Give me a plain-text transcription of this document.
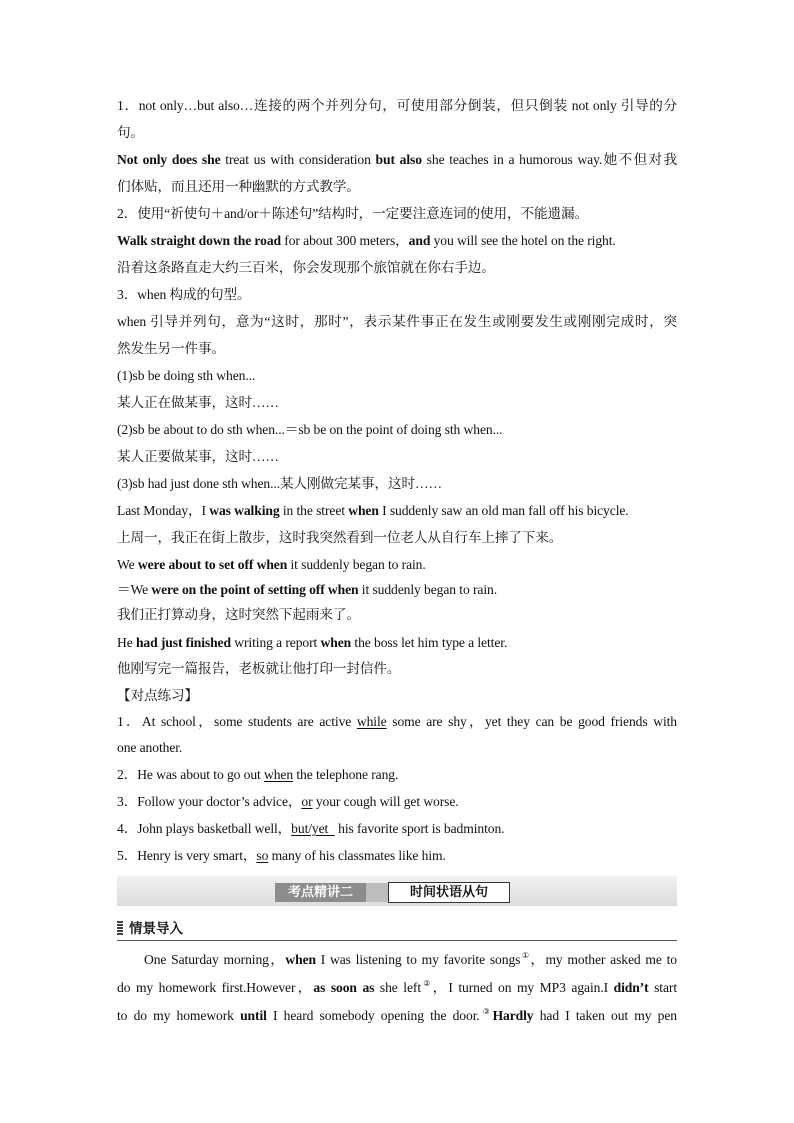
1．not only…but also…连接的两个并列分句，可使用部分倒装，但只倒装 not only 引导的分
句。
Not only does she treat us with consideration but also she teaches in a humorous way.她不但对我
们体贴，而且还用一种幽默的方式教学。
2．使用“祈使句＋and/or＋陈述句”结构时，一定要注意连词的使用，不能遗漏。
Walk straight down the road for about 300 meters，and you will see the hotel on the right.
沿着这条路直走大约三百米，你会发现那个旅馆就在你右手边。
3．when 构成的句型。
when 引导并列句，意为“这时，那时”，表示某件事正在发生或刚要发生或刚刚完成时，突
然发生另一件事。
(1)sb be doing sth when...
某人正在做某事，这时……
(2)sb be about to do sth when...＝sb be on the point of doing sth when...
某人正要做某事，这时……
(3)sb had just done sth when...某人刚做完某事，这时……
Last Monday，I was walking in the street when I suddenly saw an old man fall off his bicycle.
上周一，我正在街上散步，这时我突然看到一位老人从自行车上摔了下来。
We were about to set off when it suddenly began to rain.
＝We were on the point of setting off when it suddenly began to rain.
我们正打算动身，这时突然下起雨来了。
He had just finished writing a report when the boss let him type a letter.
他刚写完一篇报告，老板就让他打印一封信件。
【对点练习】
1．At school，some students are active while some are shy，yet they can be good friends with
one another.
2．He was about to go out when the telephone rang.
3．Follow your doctor’s advice，or your cough will get worse.
4．John plays basketball well，but/yet   his favorite sport is badminton.
5．Henry is very smart，so many of his classmates like him.
考点精讲二	时间状语从句
情景导入
One Saturday morning，when I was listening to my favorite songs①，my mother asked me to
do my homework first.However，as soon as she left②，I turned on my MP3 again.I didn’t start
to do my homework until I heard somebody opening the door.③Hardly had I taken out my pen
